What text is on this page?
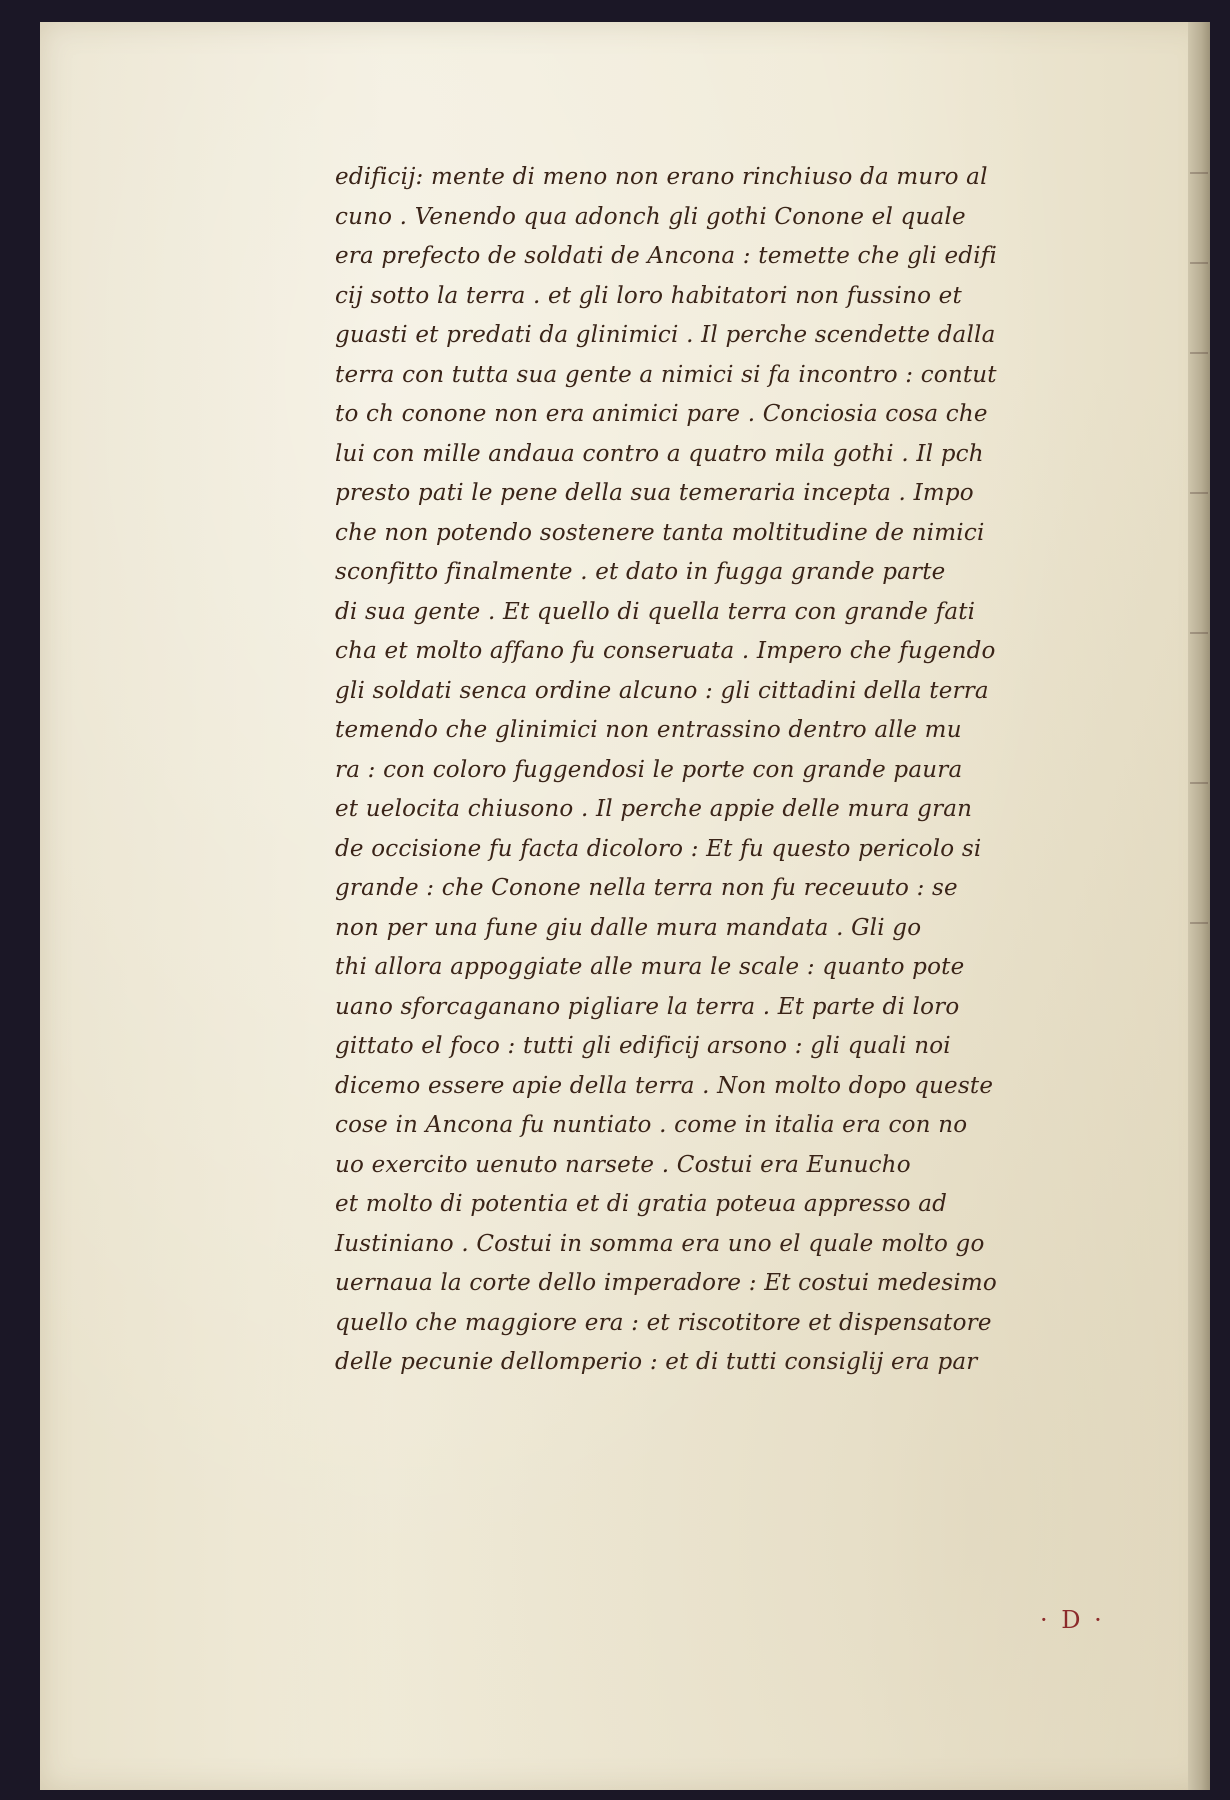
edificij: mente di meno non erano rinchiuso da muro al
cuno . Venendo qua adonch gli gothi Conone el quale
era prefecto de soldati de Ancona : temette che gli edifi
cij sotto la terra . et gli loro habitatori non fussino et
guasti et predati da glinimici . Il perche scendette dalla
terra con tutta sua gente a nimici si fa incontro : contut
to ch conone non era animici pare . Conciosia cosa che
lui con mille andaua contro a quatro mila gothi . Il pch
presto pati le pene della sua temeraria incepta . Impo
che non potendo sostenere tanta moltitudine de nimici
sconfitto finalmente . et dato in fugga grande parte
di sua gente . Et quello di quella terra con grande fati
cha et molto affano fu conseruata . Impero che fugendo
gli soldati senca ordine alcuno : gli cittadini della terra
temendo che glinimici non entrassino dentro alle mu
ra : con coloro fuggendosi le porte con grande paura
et uelocita chiusono . Il perche appie delle mura gran
de occisione fu facta dicoloro : Et fu questo pericolo si
grande : che Conone nella terra non fu receuuto : se
non per una fune giu dalle mura mandata . Gli go
thi allora appoggiate alle mura le scale : quanto pote
uano sforcaganano pigliare la terra . Et parte di loro
gittato el foco : tutti gli edificij arsono : gli quali noi
dicemo essere apie della terra . Non molto dopo queste
cose in Ancona fu nuntiato . come in italia era con no
uo exercito uenuto narsete . Costui era Eunucho
et molto di potentia et di gratia poteua appresso ad
Iustiniano . Costui in somma era uno el quale molto go
uernaua la corte dello imperadore : Et costui medesimo
quello che maggiore era : et riscotitore et dispensatore
delle pecunie dellomperio : et di tutti consiglij era par
· D ·
